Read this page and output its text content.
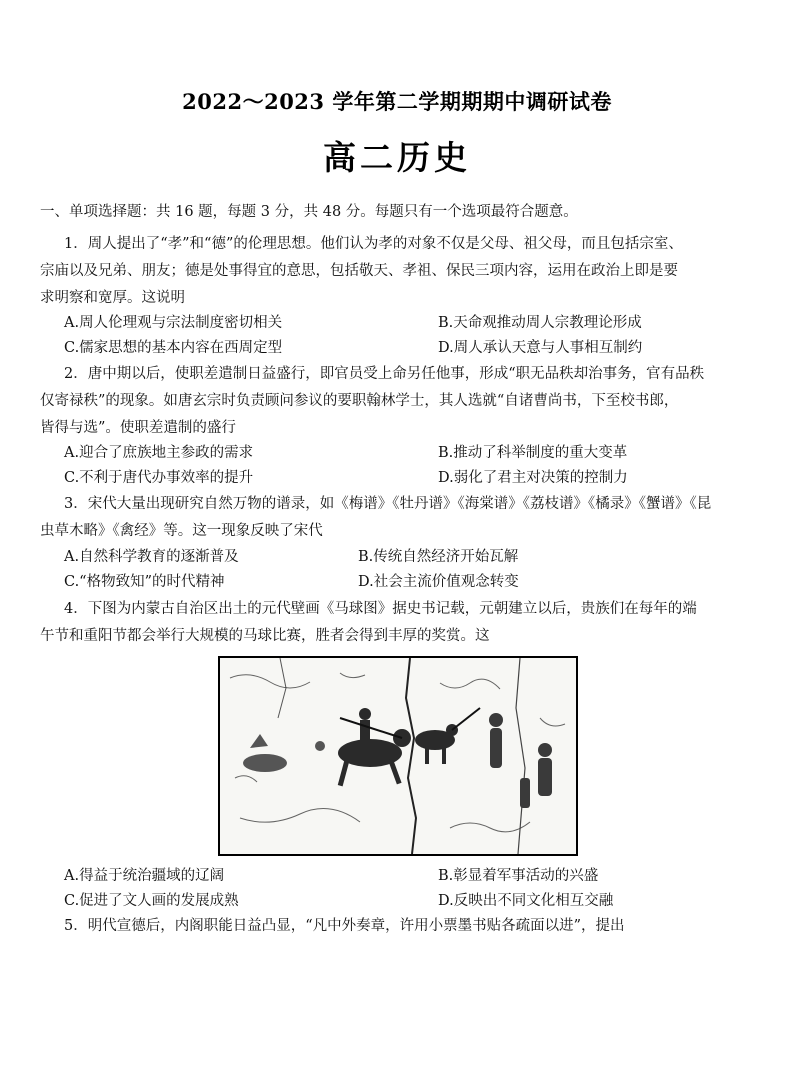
2022～2023 学年第二学期期期中调研试卷
高二历史
一、单项选择题：共 16 题，每题 3 分，共 48 分。每题只有一个选项最符合题意。
1．周人提出了“孝”和“德”的伦理思想。他们认为孝的对象不仅是父母、祖父母，而且包括宗室、
宗庙以及兄弟、朋友；德是处事得宜的意思，包括敬天、孝祖、保民三项内容，运用在政治上即是要
求明察和宽厚。这说明
A.周人伦理观与宗法制度密切相关	B.天命观推动周人宗教理论形成
C.儒家思想的基本内容在西周定型	D.周人承认天意与人事相互制约
2．唐中期以后，使职差遣制日益盛行，即官员受上命另任他事，形成“职无品秩却治事务，官有品秩
仅寄禄秩”的现象。如唐玄宗时负责顾问参议的要职翰林学士，其人选就“自诸曹尚书，下至校书郎，
皆得与选”。使职差遣制的盛行
A.迎合了庶族地主参政的需求	B.推动了科举制度的重大变革
C.不利于唐代办事效率的提升	D.弱化了君主对决策的控制力
3．宋代大量出现研究自然万物的谱录，如《梅谱》《牡丹谱》《海棠谱》《荔枝谱》《橘录》《蟹谱》《昆
虫草木略》《禽经》等。这一现象反映了宋代
A.自然科学教育的逐渐普及	B.传统自然经济开始瓦解
C.“格物致知”的时代精神	D.社会主流价值观念转变
4．下图为内蒙古自治区出土的元代壁画《马球图》据史书记载，元朝建立以后，贵族们在每年的端
午节和重阳节都会举行大规模的马球比赛，胜者会得到丰厚的奖赏。这
A.得益于统治疆域的辽阔	B.彰显着军事活动的兴盛
C.促进了文人画的发展成熟	D.反映出不同文化相互交融
5．明代宣德后，内阁职能日益凸显，“凡中外奏章，许用小票墨书贴各疏面以进”，提出
